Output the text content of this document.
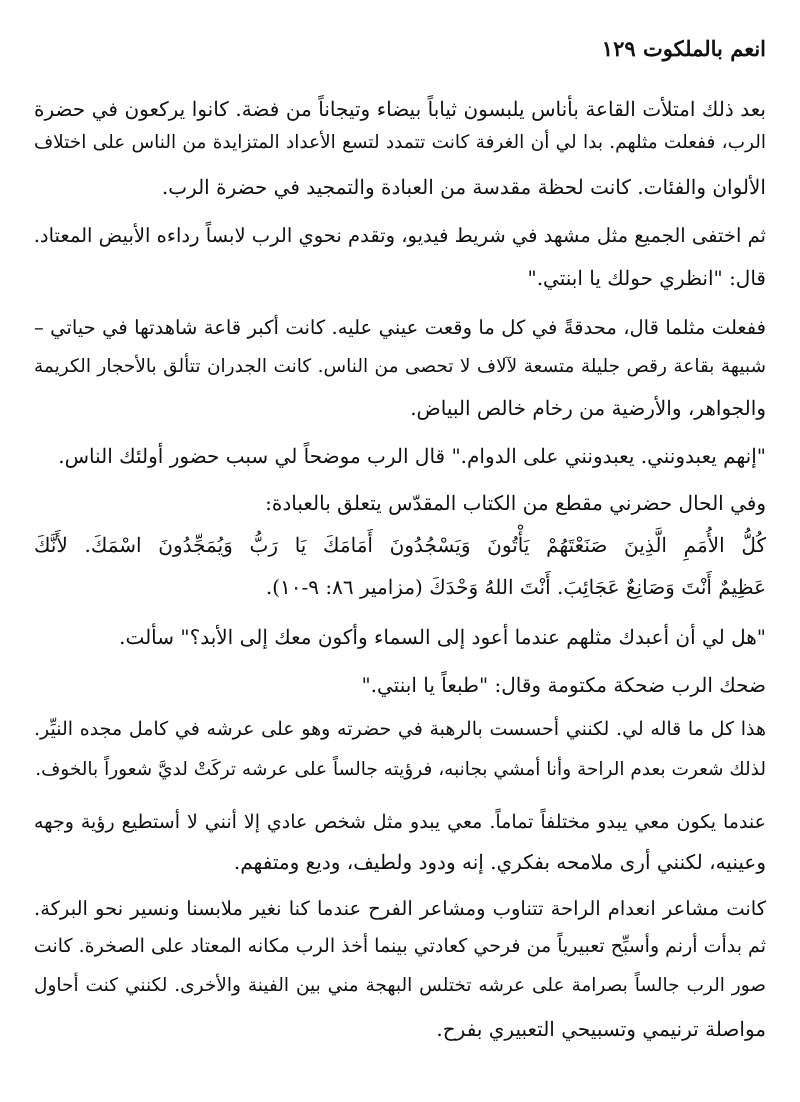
انعم بالملكوت ١٢٩
بعد ذلك امتلأت القاعة بأناس يلبسون ثياباً بيضاء وتيجاناً من فضة. كانوا يركعون في حضرة
الرب، ففعلت مثلهم. بدا لي أن الغرفة كانت تتمدد لتسع الأعداد المتزايدة من الناس على اختلاف
الألوان والفئات. كانت لحظة مقدسة من العبادة والتمجيد في حضرة الرب.
ثم اختفى الجميع مثل مشهد في شريط فيديو، وتقدم نحوي الرب لابساً رداءه الأبيض المعتاد.
قال: "انظري حولك يا ابنتي."
ففعلت مثلما قال، محدقةً في كل ما وقعت عيني عليه. كانت أكبر قاعة شاهدتها في حياتي –
شبيهة بقاعة رقص جليلة متسعة لآلاف لا تحصى من الناس. كانت الجدران تتألق بالأحجار الكريمة
والجواهر، والأرضية من رخام خالص البياض.
"إنهم يعبدونني. يعبدونني على الدوام." قال الرب موضحاً لي سبب حضور أولئك الناس.
وفي الحال حضرني مقطع من الكتاب المقدّس يتعلق بالعبادة:
كُلُّ الأُمَمِ الَّذِينَ صَنَعْتَهُمْ يَأْتُونَ وَيَسْجُدُونَ أَمَامَكَ يَا رَبُّ وَيُمَجِّدُونَ اسْمَكَ. لأَنَّكَ
عَظِيمٌ أَنْتَ وَصَانِعٌ عَجَائِبَ. أَنْتَ اللهُ وَحْدَكَ (مزامير ٨٦: ٩-١٠).
"هل لي أن أعبدك مثلهم عندما أعود إلى السماء وأكون معك إلى الأبد؟" سألت.
ضحك الرب ضحكة مكتومة وقال: "طبعاً يا ابنتي."
هذا كل ما قاله لي. لكنني أحسست بالرهبة في حضرته وهو على عرشه في كامل مجده النيِّر.
لذلك شعرت بعدم الراحة وأنا أمشي بجانبه، فرؤيته جالساً على عرشه تركَتْ لديَّ شعوراً بالخوف.
عندما يكون معي يبدو مختلفاً تماماً. معي يبدو مثل شخص عادي إلا أنني لا أستطيع رؤية وجهه
وعينيه، لكنني أرى ملامحه بفكري. إنه ودود ولطيف، وديع ومتفهم.
كانت مشاعر انعدام الراحة تتناوب ومشاعر الفرح عندما كنا نغير ملابسنا ونسير نحو البركة.
ثم بدأت أرنم وأسبِّح تعبيرياً من فرحي كعادتي بينما أخذ الرب مكانه المعتاد على الصخرة. كانت
صور الرب جالساً بصرامة على عرشه تختلس البهجة مني بين الفينة والأخرى. لكنني كنت أحاول
مواصلة ترنيمي وتسبيحي التعبيري بفرح.
